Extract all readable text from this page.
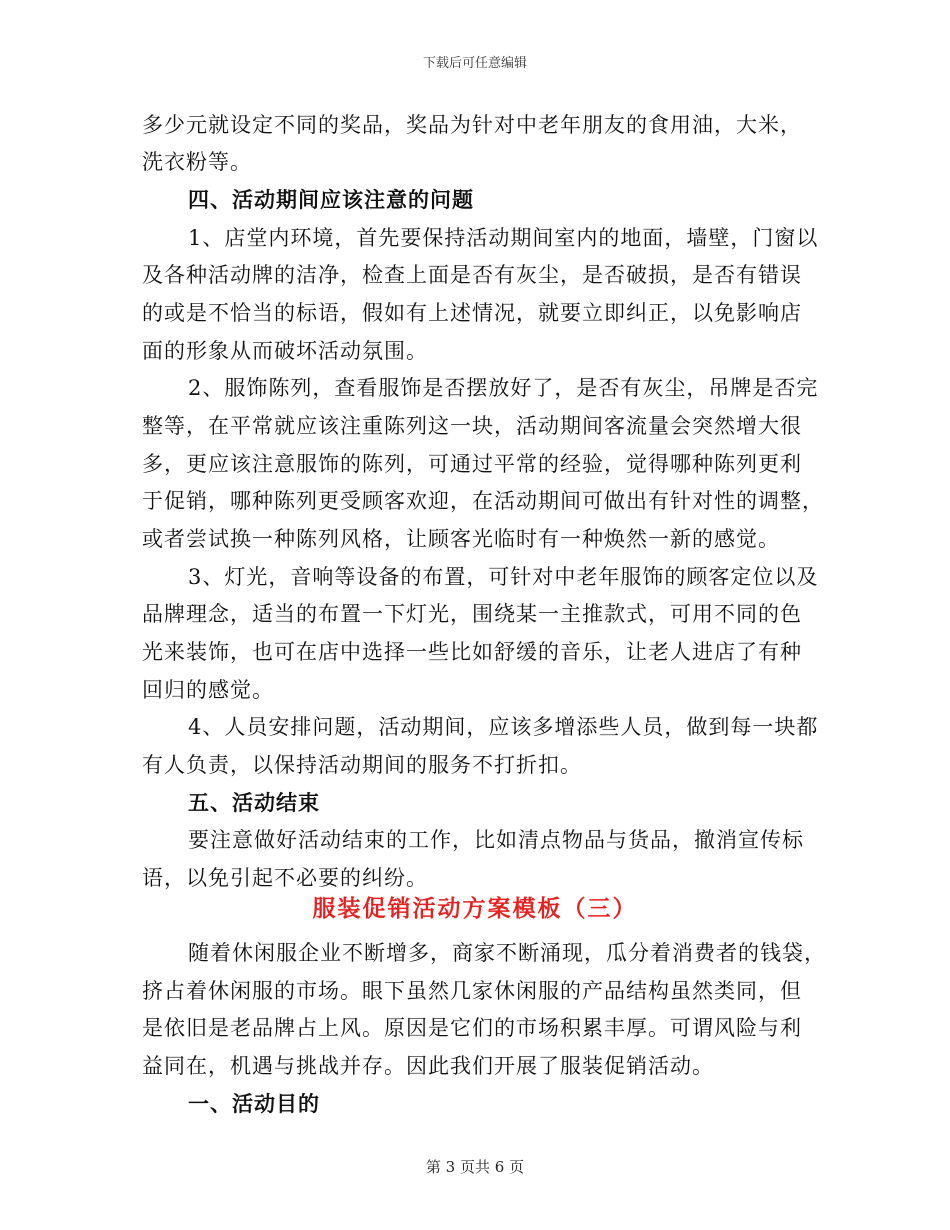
下载后可任意编辑
多少元就设定不同的奖品，奖品为针对中老年朋友的食用油，大米，
洗衣粉等。
四、活动期间应该注意的问题
1、店堂内环境，首先要保持活动期间室内的地面，墙壁，门窗以
及各种活动牌的洁净，检查上面是否有灰尘，是否破损，是否有错误
的或是不恰当的标语，假如有上述情况，就要立即纠正，以免影响店
面的形象从而破坏活动氛围。
2、服饰陈列，查看服饰是否摆放好了，是否有灰尘，吊牌是否完
整等，在平常就应该注重陈列这一块，活动期间客流量会突然增大很
多，更应该注意服饰的陈列，可通过平常的经验，觉得哪种陈列更利
于促销，哪种陈列更受顾客欢迎，在活动期间可做出有针对性的调整，
或者尝试换一种陈列风格，让顾客光临时有一种焕然一新的感觉。
3、灯光，音响等设备的布置，可针对中老年服饰的顾客定位以及
品牌理念，适当的布置一下灯光，围绕某一主推款式，可用不同的色
光来装饰，也可在店中选择一些比如舒缓的音乐，让老人进店了有种
回归的感觉。
4、人员安排问题，活动期间，应该多增添些人员，做到每一块都
有人负责，以保持活动期间的服务不打折扣。
五、活动结束
要注意做好活动结束的工作，比如清点物品与货品，撤消宣传标
语，以免引起不必要的纠纷。
服装促销活动方案模板（三）
随着休闲服企业不断增多，商家不断涌现，瓜分着消费者的钱袋，
挤占着休闲服的市场。眼下虽然几家休闲服的产品结构虽然类同，但
是依旧是老品牌占上风。原因是它们的市场积累丰厚。可谓风险与利
益同在，机遇与挑战并存。因此我们开展了服装促销活动。
一、活动目的
第 3 页共 6 页
